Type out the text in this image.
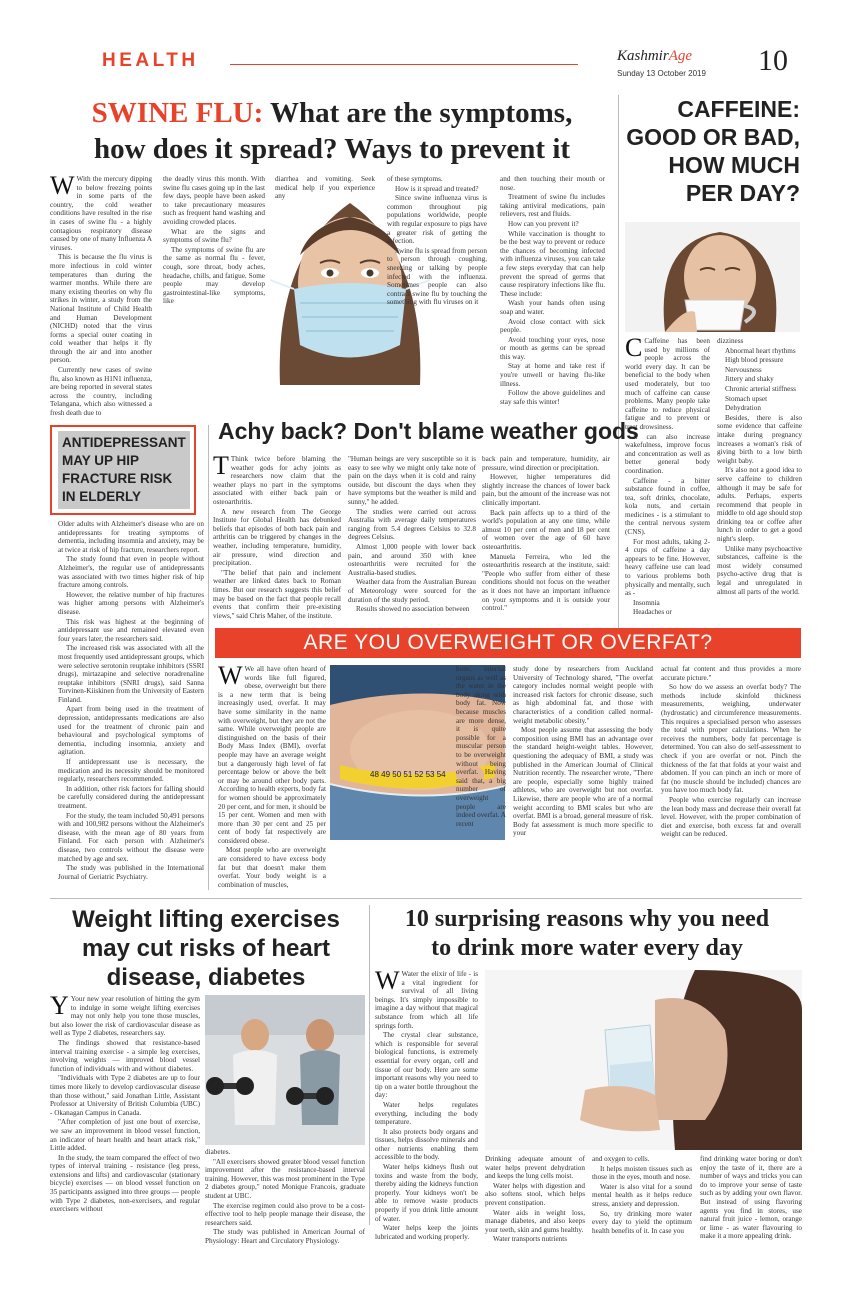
HEALTH	KashmirAge
Sunday 13 October 2019 10
SWINE FLU: What are the symptoms,
how does it spread? Ways to prevent it

W With the mercury dipping to below freezing points in some parts of the country, the cold weather conditions have resulted in the rise in cases of swine flu - a highly contagious respiratory disease caused by one of many Influenza A viruses.

This is because the flu virus is more infectious in cold winter temperatures than during the warmer months. While there are many existing theories on why flu strikes in winter, a study from the National Institute of Child Health and Human Development (NICHD) noted that the virus forms a special outer coating in cold weather that helps it fly through the air and into another person.

Currently new cases of swine flu, also known as H1N1 influenza, are being reported in several states across the country, including Telangana, which also witnessed a fresh death due to

the deadly virus this month. With swine flu cases going up in the last few days, people have been asked to take precautionary measures such as frequent hand washing and avoiding crowded places.

What are the signs and symptoms of swine flu?

The symptoms of swine flu are the same as normal flu - fever, cough, sore throat, body aches, headache, chills, and fatigue. Some people may develop gastrointestinal-like symptoms, like

diarrhea and vomiting. Seek medical help if you experience any

of these symptoms.

How is it spread and treated?

Since swine influenza virus is common throughout pig populations worldwide, people with regular exposure to pigs have a greater risk of getting the infection.

Swine flu is spread from person to person through coughing, sneezing or talking by people infected with the influenza. Sometimes people can also contract swine flu by touching the something with flu viruses on it

and then touching their mouth or nose.

Treatment of swine flu includes taking antiviral medications, pain relievers, rest and fluids.

How can you prevent it?

While vaccination is thought to be the best way to prevent or reduce the chances of becoming infected with influenza viruses, you can take a few steps everyday that can help prevent the spread of germs that cause respiratory infections like flu. These include:

Wash your hands often using soap and water.

Avoid close contact with sick people.

Avoid touching your eyes, nose or mouth as germs can be spread this way.

Stay at home and take rest if you're unwell or having flu-like illness.

Follow the above guidelines and stay safe this winter!

CAFFEINE:
GOOD OR BAD,
HOW MUCH
PER DAY?

C Caffeine has been used by millions of people across the world every day. It can be beneficial to the body when used moderately, but too much of caffeine can cause problems. Many people take caffeine to reduce physical fatigue and to prevent or treat drowsiness.

It can also increase wakefulness, improve focus and concentration as well as better general body coordination.

Caffeine - a bitter substance found in coffee, tea, soft drinks, chocolate, kola nuts, and certain medicines - is a stimulant to the central nervous system (CNS).

For most adults, taking 2-4 cups of caffeine a day appears to be fine. However, heavy caffeine use can lead to various problems both physically and mentally, such as -

Insomnia

Headaches or

dizziness

Abnormal heart rhythms

High blood pressure

Nervousness

Jittery and shaky

Chronic arterial stiffness

Stomach upset

Dehydration

Besides, there is also some evidence that caffeine intake during pregnancy increases a woman's risk of giving birth to a low birth weight baby.

It's also not a good idea to serve caffeine to children although it may be safe for adults. Perhaps, experts recommend that people in middle to old age should stop drinking tea or coffee after lunch in order to get a good night's sleep.

Unlike many psychoactive substances, caffeine is the most widely consumed psycho-active drug that is legal and unregulated in almost all parts of the world.

ANTIDEPRESSANT
MAY UP HIP
FRACTURE RISK
IN ELDERLY

Older adults with Alzheimer's disease who are on antidepressants for treating symptoms of dementia, including insomnia and anxiety, may be at twice at risk of hip fracture, researchers report.

The study found that even in people without Alzheimer's, the regular use of antidepressants was associated with two times higher risk of hip fracture among controls.

However, the relative number of hip fractures was higher among persons with Alzheimer's disease.

This risk was highest at the beginning of antidepressant use and remained elevated even four years later, the researchers said.

The increased risk was associated with all the most frequently used antidepressant groups, which were selective serotonin reuptake inhibitors (SSRI drugs), mirtazapine and selective noradrenaline reuptake inhibitors (SNRI drugs), said Sanna Torvinen-Kiiskinen from the University of Eastern Finland.

Apart from being used in the treatment of depression, antidepressants medications are also used for the treatment of chronic pain and behavioural and psychological symptoms of dementia, including insomnia, anxiety and agitation.

If antidepressant use is necessary, the medication and its necessity should be monitored regularly, researchers recommended.

In addition, other risk factors for falling should be carefully considered during the antidepressant treatment.

For the study, the team included 50,491 persons with and 100,982 persons without the Alzheimer's disease, with the mean age of 80 years from Finland. For each person with Alzheimer's disease, two controls without the disease were matched by age and sex.

The study was published in the International Journal of Geriatric Psychiatry.

Achy back? Don't blame weather gods

T Think twice before blaming the weather gods for achy joints as researchers now claim that the weather plays no part in the symptoms associated with either back pain or osteoarthritis.

A new research from The George Institute for Global Health has debunked beliefs that episodes of both back pain and arthritis can be triggered by changes in the weather, including temperature, humidity, air pressure, wind direction and precipitation.

"The belief that pain and inclement weather are linked dates back to Roman times. But our research suggests this belief may be based on the fact that people recall events that confirm their pre-existing views," said Chris Maher, of the institute.

"Human beings are very susceptible so it is easy to see why we might only take note of pain on the days when it is cold and rainy outside, but discount the days when they have symptoms but the weather is mild and sunny," he added.

The studies were carried out across Australia with average daily temperatures ranging from 5.4 degrees Celsius to 32.8 degrees Celsius.

Almost 1,000 people with lower back pain, and around 350 with knee osteoarthritis were recruited for the Australia-based studies.

Weather data from the Australian Bureau of Meteorology were sourced for the duration of the study period.

Results showed no association between

back pain and temperature, humidity, air pressure, wind direction or precipitation.

However, higher temperatures did slightly increase the chances of lower back pain, but the amount of the increase was not clinically important.

Back pain affects up to a third of the world's population at any one time, while almost 10 per cent of men and 18 per cent of women over the age of 60 have osteoarthritis.

Manuela Ferreira, who led the osteoarthritis research at the institute, said: "People who suffer from either of these conditions should not focus on the weather as it does not have an important influence on your symptoms and it is outside your control."

ARE YOU OVERWEIGHT OR OVERFAT?
48 49 50 51 52 53 54

W We all have often heard of words like full figured, obese, overweight but there is a new term that is being increasingly used, overfat. It may have some similarity in the name with overweight, but they are not the same. While overweight people are distinguished on the basis of their Body Mass Index (BMI), overfat people may have an average weight but a dangerously high level of fat percentage below or above the belt or may be around other body parts. According to health experts, body fat for women should be approximately 20 per cent, and for men, it should be 15 per cent. Women and men with more than 30 per cent and 25 per cent of body fat respectively are considered obese.

Most people who are overweight are considered to have excess body fat but that doesn't make them overfat. Your body weight is a combination of muscles,

bone, internal organs as well as the water in the body along with body fat. Now because muscles are more dense, it is quite possible for a muscular person to be overweight without being overfat. Having said that, a big number of overweight people are indeed overfat. A recent

study done by researchers from Auckland University of Technology shared, "The overfat category includes normal weight people with increased risk factors for chronic disease, such as high abdominal fat, and those with characteristics of a condition called normal-weight metabolic obesity."

Most people assume that assessing the body composition using BMI has an advantage over the standard height-weight tables. However, questioning the adequacy of BMI, a study was published in the American Journal of Clinical Nutrition recently. The researcher wrote, "There are people, especially some highly trained athletes, who are overweight but not overfat. Likewise, there are people who are of a normal weight according to BMI scales but who are overfat. BMI is a broad, general measure of risk. Body fat assessment is much more specific to your

actual fat content and thus provides a more accurate picture."

So how do we assess an overfat body? The methods include skinfold thickness measurements, weighing, underwater (hydrostatic) and circumference measurements. This requires a specialised person who assesses the total with proper calculations. When he receives the numbers, body fat percentage is determined. You can also do self-assessment to check if you are overfat or not. Pinch the thickness of the fat that folds at your waist and abdomen. If you can pinch an inch or more of fat (no muscle should be included) chances are you have too much body fat.

People who exercise regularly can increase the lean body mass and decrease their overall fat level. However, with the proper combination of diet and exercise, both excess fat and overall weight can be reduced.

Weight lifting exercises
may cut risks of heart
disease, diabetes

Y Your new year resolution of hitting the gym to indulge in some weight lifting exercises may not only help you tone those muscles, but also lower the risk of cardiovascular disease as well as Type 2 diabetes, researchers say.

The findings showed that resistance-based interval training exercise - a simple leg exercises, involving weights — improved blood vessel function of individuals with and without diabetes.

"Individuals with Type 2 diabetes are up to four times more likely to develop cardiovascular disease than those without," said Jonathan Little, Assistant Professor at University of British Columbia (UBC) - Okanagan Campus in Canada.

"After completion of just one bout of exercise, we saw an improvement in blood vessel function, an indicator of heart health and heart attack risk," Little added.

In the study, the team compared the effect of two types of interval training - resistance (leg press, extensions and lifts) and cardiovascular (stationary bicycle) exercises — on blood vessel function on 35 participants assigned into three groups — people with Type 2 diabetes, non-exercisers, and regular exercisers without

diabetes.

"All exercisers showed greater blood vessel function improvement after the resistance-based interval training. However, this was most prominent in the Type 2 diabetes group," noted Monique Francois, graduate student at UBC.

The exercise regimen could also prove to be a cost-effective tool to help people manage their disease, the researchers said.

The study was published in American Journal of Physiology: Heart and Circulatory Physiology.

10 surprising reasons why you need
to drink more water every day

W Water the elixir of life - is a vital ingredient for survival of all living beings. It's simply impossible to imagine a day without that magical substance from which all life springs forth.

The crystal clear substance, which is responsible for several biological functions, is extremely essential for every organ, cell and tissue of our body. Here are some important reasons why you need to tip on a water bottle throughout the day:

Water helps regulates everything, including the body temperature.

It also protects body organs and tissues, helps dissolve minerals and other nutrients enabling them accessible to the body.

Water helps kidneys flush out toxins and waste from the body, thereby aiding the kidneys function properly. Your kidneys won't be able to remove waste products properly if you drink little amount of water.

Water helps keep the joints lubricated and working properly.

Drinking adequate amount of water helps prevent dehydration and keeps the lung cells moist.

Water helps with digestion and also softens stool, which helps prevent constipation.

Water aids in weight loss, manage diabetes, and also keeps your teeth, skin and gums healthy.

Water transports nutrients

and oxygen to cells.

It helps moisten tissues such as those in the eyes, mouth and nose.

Water is also vital for a sound mental health as it helps reduce stress, anxiety and depression.

So, try drinking more water every day to yield the optimum health benefits of it. In case you

find drinking water boring or don't enjoy the taste of it, there are a number of ways and tricks you can do to improve your sense of taste such as by adding your own flavor. But instead of using flavoring agents you find in stores, use natural fruit juice - lemon, orange or lime - as water flavouring to make it a more appealing drink.
